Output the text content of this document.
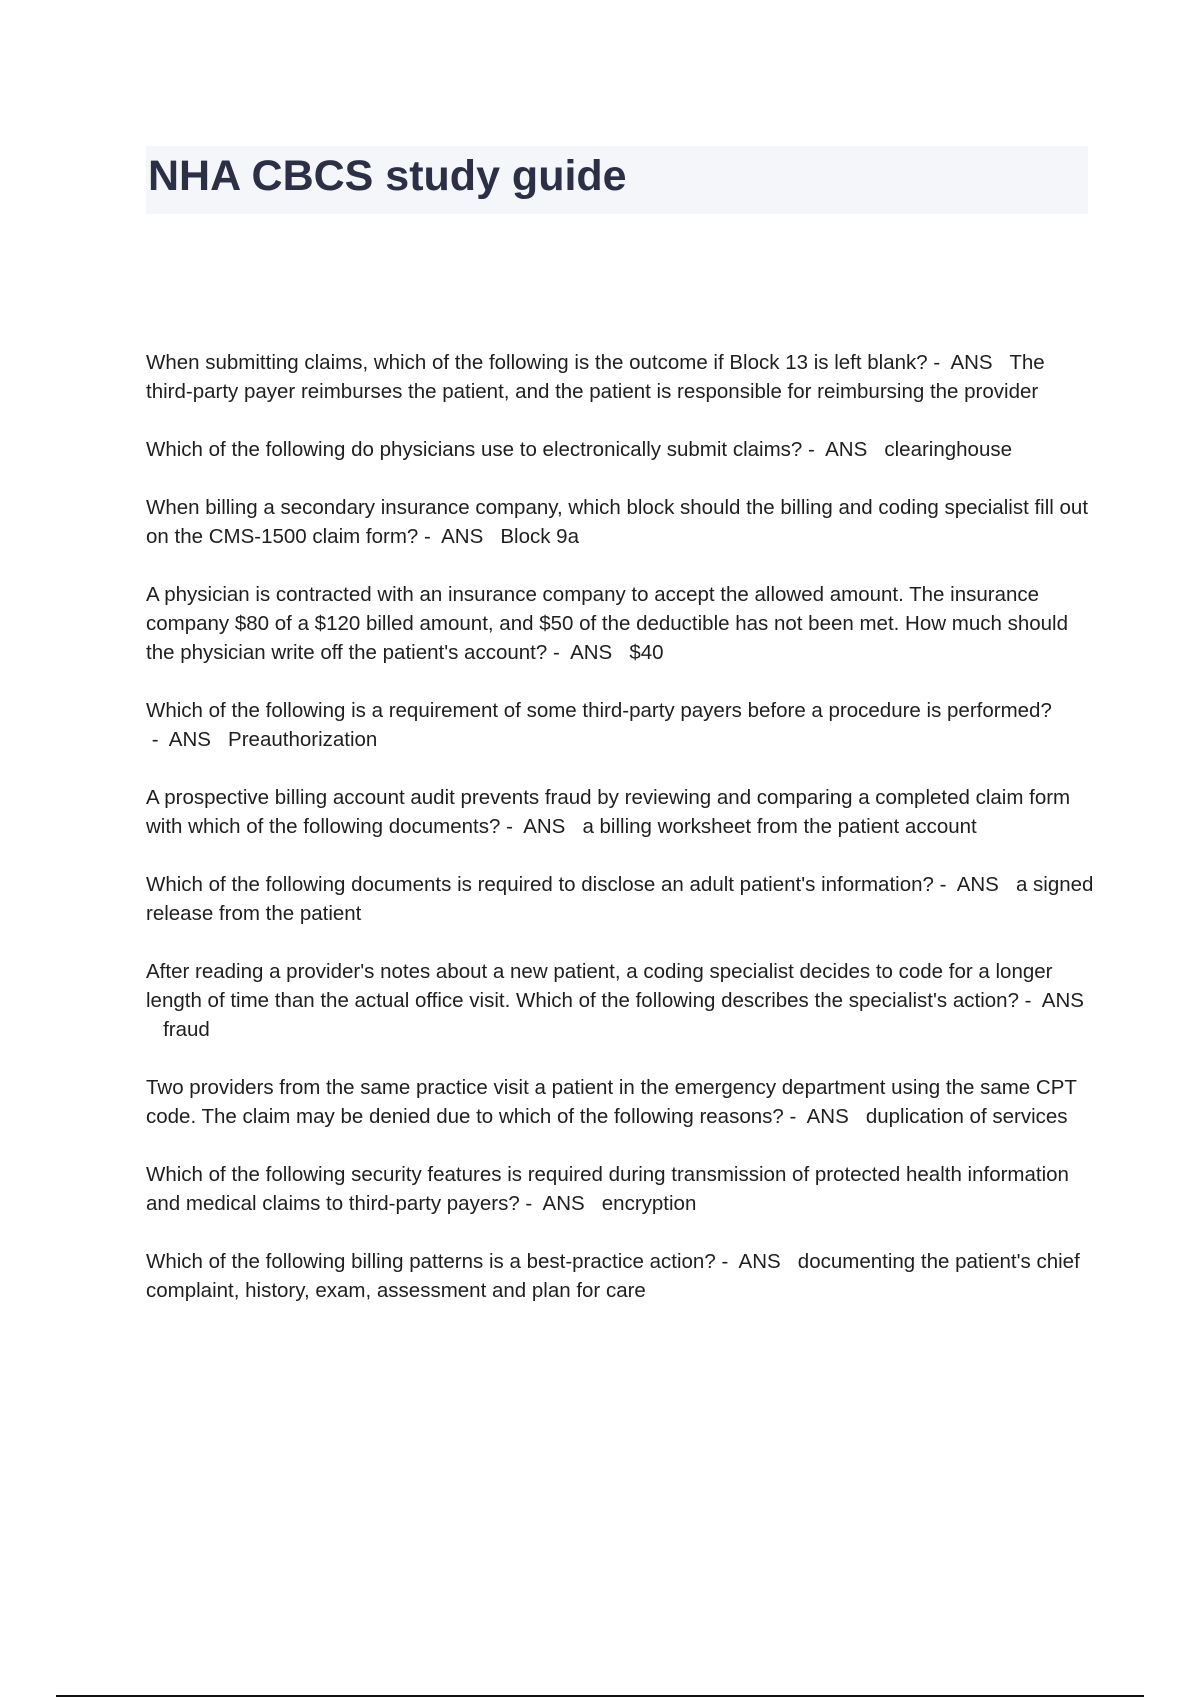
NHA CBCS study guide

When submitting claims, which of the following is the outcome if Block 13 is left blank? -  ANS The third-party payer reimburses the patient, and the patient is responsible for reimbursing the provider

Which of the following do physicians use to electronically submit claims? -  ANS clearinghouse

When billing a secondary insurance company, which block should the billing and coding specialist fill out on the CMS-1500 claim form? -  ANS Block 9a

A physician is contracted with an insurance company to accept the allowed amount. The insurance company $80 of a $120 billed amount, and $50 of the deductible has not been met. How much should the physician write off the patient's account? -  ANS $40

Which of the following is a requirement of some third-party payers before a procedure is performed? -  ANS Preauthorization

A prospective billing account audit prevents fraud by reviewing and comparing a completed claim form with which of the following documents? -  ANS a billing worksheet from the patient account

Which of the following documents is required to disclose an adult patient's information? -  ANS a signed release from the patient

After reading a provider's notes about a new patient, a coding specialist decides to code for a longer length of time than the actual office visit. Which of the following describes the specialist's action? -  ANS   fraud

Two providers from the same practice visit a patient in the emergency department using the same CPT code. The claim may be denied due to which of the following reasons? -  ANS duplication of services

Which of the following security features is required during transmission of protected health information and medical claims to third-party payers? -  ANS encryption

Which of the following billing patterns is a best-practice action? -  ANS documenting the patient's chief complaint, history, exam, assessment and plan for care
